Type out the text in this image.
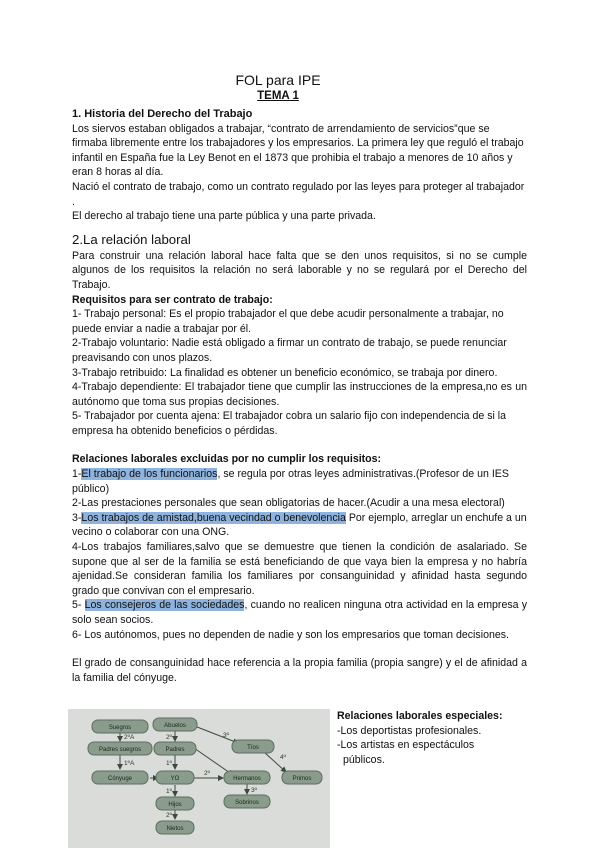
FOL para IPE
TEMA 1

1. Historia del Derecho del Trabajo

Los siervos estaban obligados a trabajar, “contrato de arrendamiento de servicios”que se firmaba libremente entre los trabajadores y los empresarios. La primera ley que reguló el trabajo infantil en España fue la Ley Benot en el 1873 que prohibia el trabajo a menores de 10 años y eran 8 horas al día.

Nació el contrato de trabajo, como un contrato regulado por las leyes para proteger al trabajador .

El derecho al trabajo tiene una parte pública y una parte privada.

2.La relación laboral

Para construir una relación laboral hace falta que se den unos requisitos, si no se cumple algunos de los requisitos la relación no será laborable y no se regulará por el Derecho del Trabajo.

Requisitos para ser contrato de trabajo:

1- Trabajo personal: Es el propio trabajador el que debe acudir personalmente a trabajar, no puede enviar a nadie a trabajar por él.

2-Trabajo voluntario: Nadie está obligado a firmar un contrato de trabajo, se puede renunciar preavisando con unos plazos.

3-Trabajo retribuido: La finalidad es obtener un beneficio económico, se trabaja por dinero.

4-Trabajo dependiente: El trabajador tiene que cumplir las instrucciones de la empresa,no es un autónomo que toma sus propias decisiones.

5- Trabajador por cuenta ajena: El trabajador cobra un salario fijo con independencia de si la empresa ha obtenido beneficios o pérdidas.

Relaciones laborales excluidas por no cumplir los requisitos:

1-El trabajo de los funcionarios, se regula por otras leyes administrativas.(Profesor de un IES público)

2-Las prestaciones personales que sean obligatorias de hacer.(Acudir a una mesa electoral)

3-Los trabajos de amistad,buena vecindad o benevolencia Por ejemplo, arreglar un enchufe a un vecino o colaborar con una ONG.

4-Los trabajos familiares,salvo que se demuestre que tienen la condición de asalariado. Se supone que al ser de la familia se está beneficiando de que vaya bien la empresa y no habría ajenidad.Se consideran familia los familiares por consanguinidad y afinidad hasta segundo grado que convivan con el empresario.

5- Los consejeros de las sociedades, cuando no realicen ninguna otra actividad en la empresa y solo sean socios.

6- Los autónomos, pues no dependen de nadie y son los empresarios que toman decisiones.

El grado de consanguinidad hace referencia a la propia familia (propia sangre) y el de afinidad a la familia del cónyuge.

Suegros	Abuelos
Padres suegros	Padres	Tíos
Cónyuge	YO	Hermanos	Primos
Hijos	Sobrinos
Nietos
2ºA
1ºA
2º
1º
3º
4º
2º
1º	3º
2º

Relaciones laborales especiales:

-Los deportistas profesionales.

-Los artistas en espectáculos

públicos.
